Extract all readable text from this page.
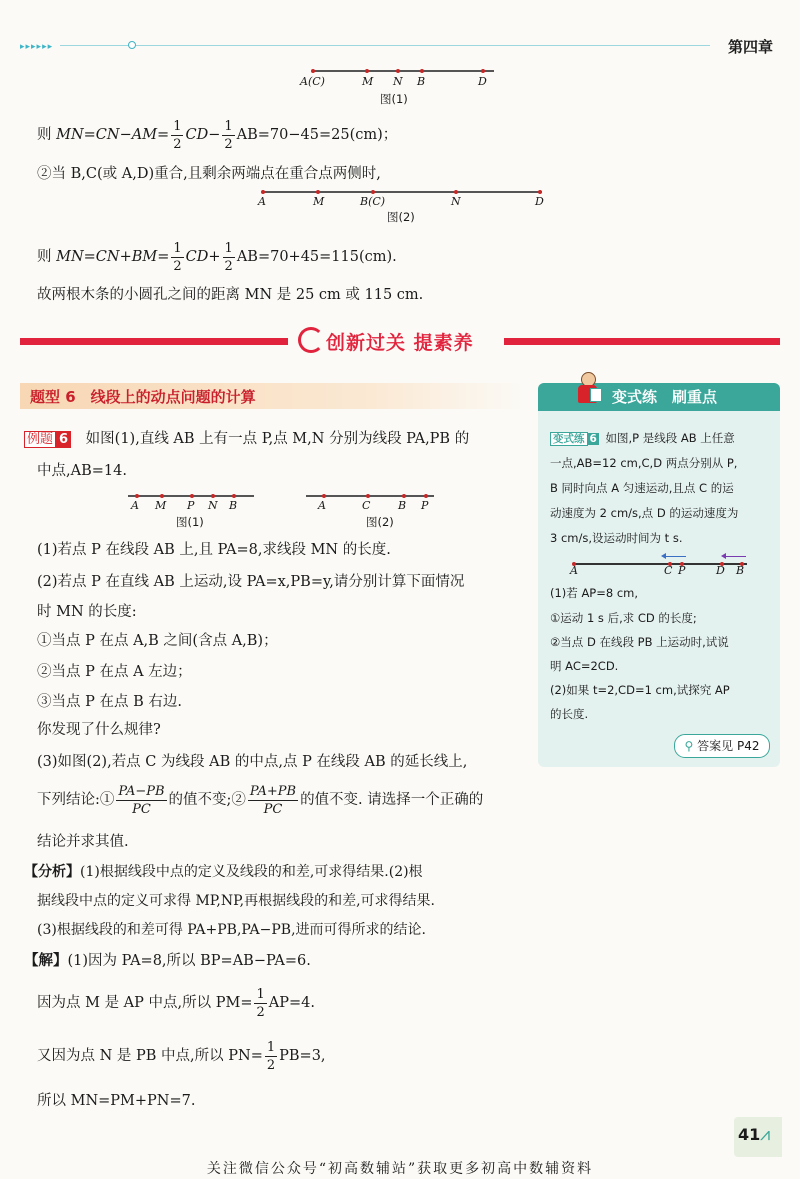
▸▸▸▸▸▸	第四章
A(C)	M N B	D
图(1)
则 $MN=CN-AM= \frac{1}{2} CD- \frac{1}{2} AB=70-45=25(cm)$；
②当 B,C(或 A,D)重合,且剩余两端点在重合点两侧时,
A	M	B(C)	N	D
图(2)
则 $MN=CN+BM= \frac{1}{2} CD+ \frac{1}{2} AB=70+45=115(cm)$.
故两根木条的小圆孔之间的距离 MN 是 25 cm 或 115 cm.
创新过关 提素养
题型 6　线段上的动点问题的计算
例题 6 如图(1),直线 AB 上有一点 P,点 M,N 分别为线段 PA,PB 的
中点,AB=14.
A M P N B
图(1)
A	C	B P
图(2)
(1)若点 P 在线段 AB 上,且 PA=8,求线段 MN 的长度.
(2)若点 P 在直线 AB 上运动,设 PA=x,PB=y,请分别计算下面情况
时 MN 的长度:
①当点 P 在点 A,B 之间(含点 A,B)；
②当点 P 在点 A 左边；
③当点 P 在点 B 右边.
你发现了什么规律?
(3)如图(2),若点 C 为线段 AB 的中点,点 P 在线段 AB 的延长线上,
下列结论:① $\frac{PA-PB}{PC}$ 的值不变;② $\frac{PA+PB}{PC}$ 的值不变. 请选择一个正确的
结论并求其值.
【分析】(1)根据线段中点的定义及线段的和差,可求得结果.(2)根
据线段中点的定义可求得 MP,NP,再根据线段的和差,可求得结果.
(3)根据线段的和差可得 PA+PB,PA−PB,进而可得所求的结论.
【解】(1)因为 PA=8,所以 BP=AB−PA=6.
因为点 M 是 AP 中点,所以 $PM= \frac{1}{2} AP=4$.
又因为点 N 是 PB 中点,所以 $PN= \frac{1}{2} PB=3$,
所以 MN=PM+PN=7.
变式练　刷重点
变式练 6 如图,P 是线段 AB 上任意
一点,AB=12 cm,C,D 两点分别从 P,
B 同时向点 A 匀速运动,且点 C 的运
动速度为 2 cm/s,点 D 的运动速度为
3 cm/s,设运动时间为 t s.
A	C P	D B
(1)若 AP=8 cm,
①运动 1 s 后,求 CD 的长度;
②当点 D 在线段 PB 上运动时,试说
明 AC=2CD.
(2)如果 t=2,CD=1 cm,试探究 AP
的长度.
⚲ 答案见 P42
41 ⩘
关注微信公众号“初高数辅站”获取更多初高中数辅资料
